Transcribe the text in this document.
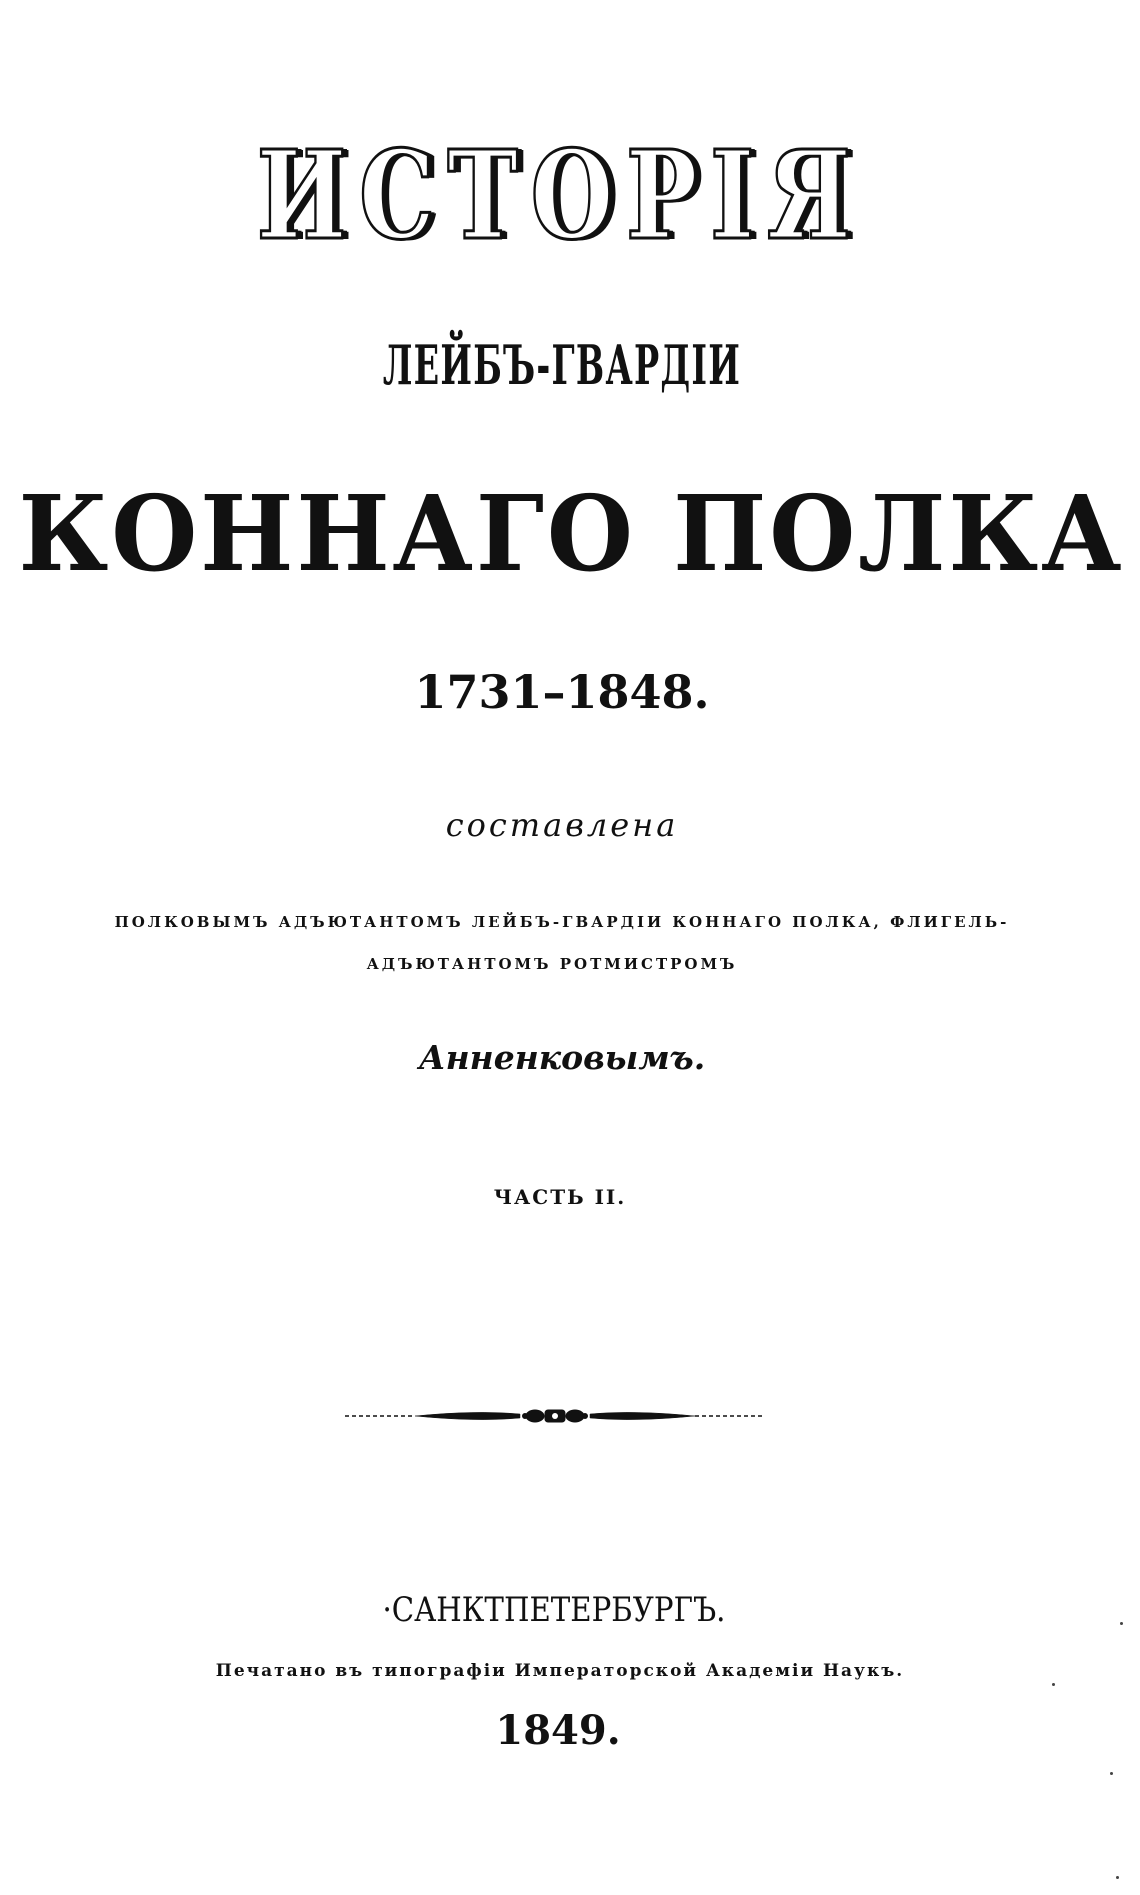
ИСТОРІЯ
ЛЕЙБЪ-ГВАРДІИ
КОННАГО ПОЛКА
1731–1848.
составлена
ПОЛКОВЫМЪ АДЪЮТАНТОМЪ ЛЕЙБЪ-ГВАРДІИ КОННАГО ПОЛКА, ФЛИГЕЛЬ-
АДЪЮТАНТОМЪ РОТМИСТРОМЪ
Анненковымъ.
ЧАСТЬ II.
·САНКТПЕТЕРБУРГЪ.
Печатано въ типографіи Императорской Академіи Наукъ.
1849.
